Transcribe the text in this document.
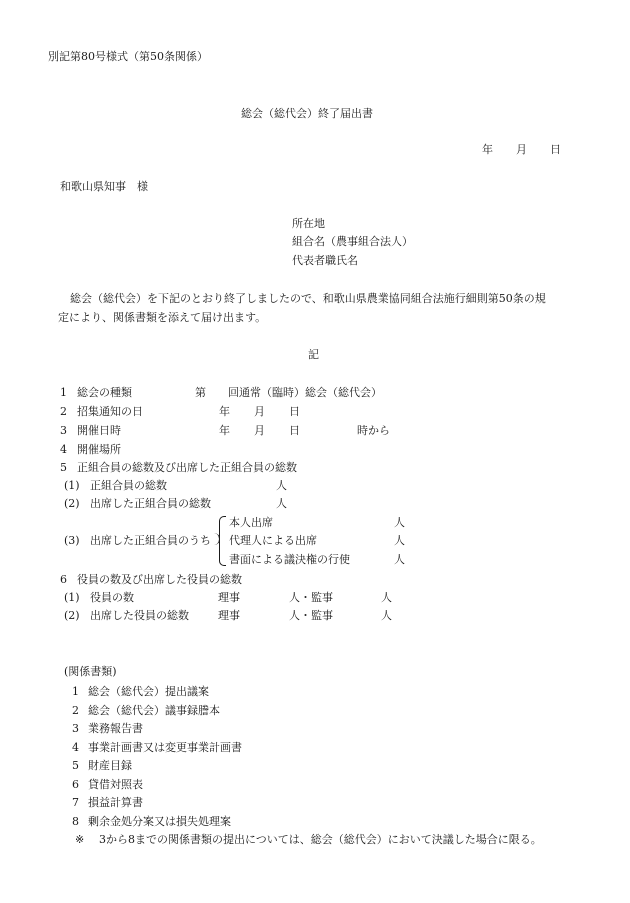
別記第80号様式（第50条関係）
総会（総代会）終了届出書
年 月 日
和歌山県知事　様
所在地
組合名（農事組合法人）
代表者職氏名
総会（総代会）を下記のとおり終了しましたので、和歌山県農業協同組合法施行細則第50条の規
定により、関係書類を添えて届け出ます。
記
1 総会の種類	第 回通常（臨時）総会（総代会）
2 招集通知の日	年 月 日
3 開催日時	年 月 日	時から
4 開催場所
5 正組合員の総数及び出席した正組合員の総数
(1) 正組合員の総数	人
(2) 出席した正組合員の総数	人
(3) 出席した正組合員のうち
本人出席	人
代理人による出席	人
書面による議決権の行使	人
6 役員の数及び出席した役員の総数
(1) 役員の数	理事	人・監事	人
(2) 出席した役員の総数	理事	人・監事	人
(関係書類)
1 総会（総代会）提出議案
2 総会（総代会）議事録謄本
3 業務報告書
4 事業計画書又は変更事業計画書
5 財産目録
6 貸借対照表
7 損益計算書
8 剰余金処分案又は損失処理案
※ 3から8までの関係書類の提出については、総会（総代会）において決議した場合に限る。
